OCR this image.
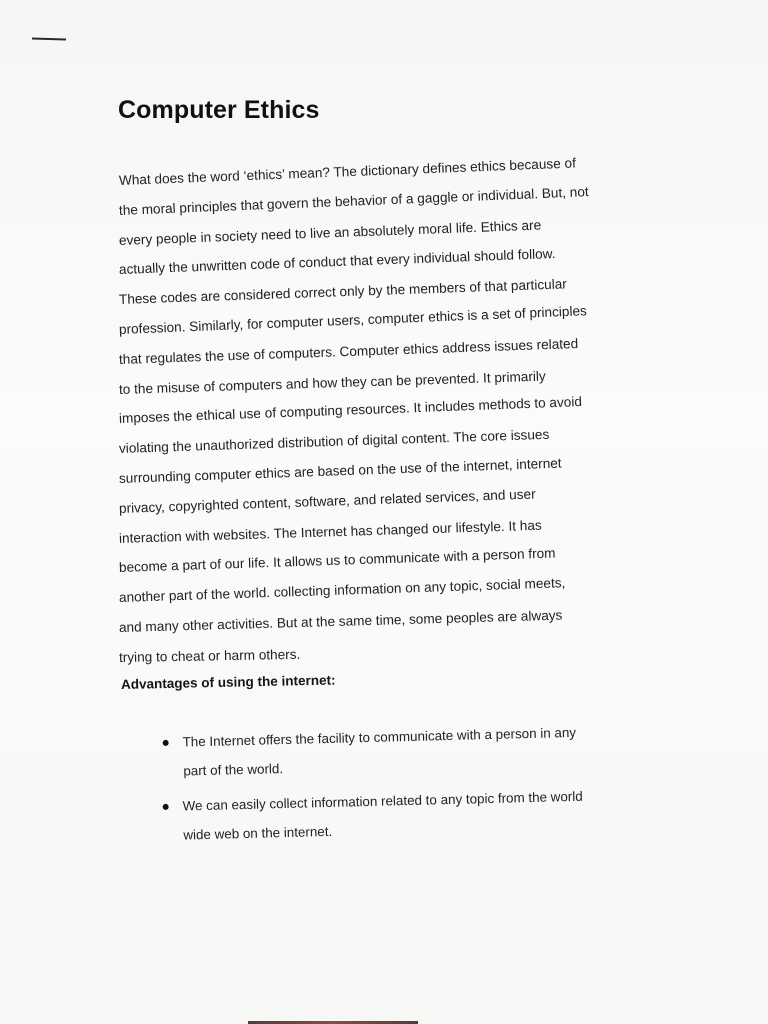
Computer Ethics
What does the word ‘ethics’ mean? The dictionary defines ethics because of
the moral principles that govern the behavior of a gaggle or individual. But, not
every people in society need to live an absolutely moral life. Ethics are
actually the unwritten code of conduct that every individual should follow.
These codes are considered correct only by the members of that particular
profession. Similarly, for computer users, computer ethics is a set of principles
that regulates the use of computers. Computer ethics address issues related
to the misuse of computers and how they can be prevented. It primarily
imposes the ethical use of computing resources. It includes methods to avoid
violating the unauthorized distribution of digital content. The core issues
surrounding computer ethics are based on the use of the internet, internet
privacy, copyrighted content, software, and related services, and user
interaction with websites. The Internet has changed our lifestyle. It has
become a part of our life. It allows us to communicate with a person from
another part of the world. collecting information on any topic, social meets,
and many other activities. But at the same time, some peoples are always
trying to cheat or harm others.
Advantages of using the internet:
The Internet offers the facility to communicate with a person in any
part of the world.
We can easily collect information related to any topic from the world
wide web on the internet.
